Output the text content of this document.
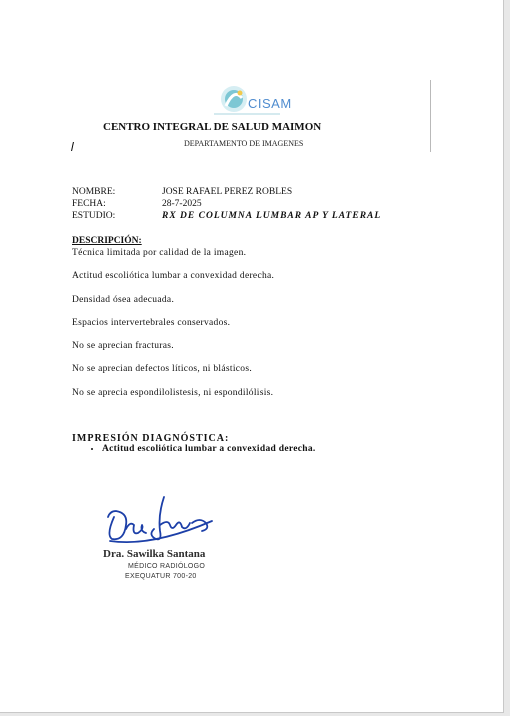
CISAM
CENTRO INTEGRAL DE SALUD MAIMON
DEPARTAMENTO DE IMAGENES
NOMBRE:	JOSE RAFAEL PEREZ ROBLES
FECHA:	28-7-2025
ESTUDIO:	RX DE COLUMNA LUMBAR AP Y LATERAL
DESCRIPCIÓN:
Técnica limitada por calidad de la imagen.
Actitud escoliótica lumbar a convexidad derecha.
Densidad ósea adecuada.
Espacios intervertebrales conservados.
No se aprecian fracturas.
No se aprecian defectos líticos, ni blásticos.
No se aprecia espondilolistesis, ni espondilólisis.
IMPRESIÓN DIAGNÓSTICA:
• Actitud escoliótica lumbar a convexidad derecha.
Dra. Sawilka Santana
MÉDICO RADIÓLOGO
EXEQUATUR 700-20
